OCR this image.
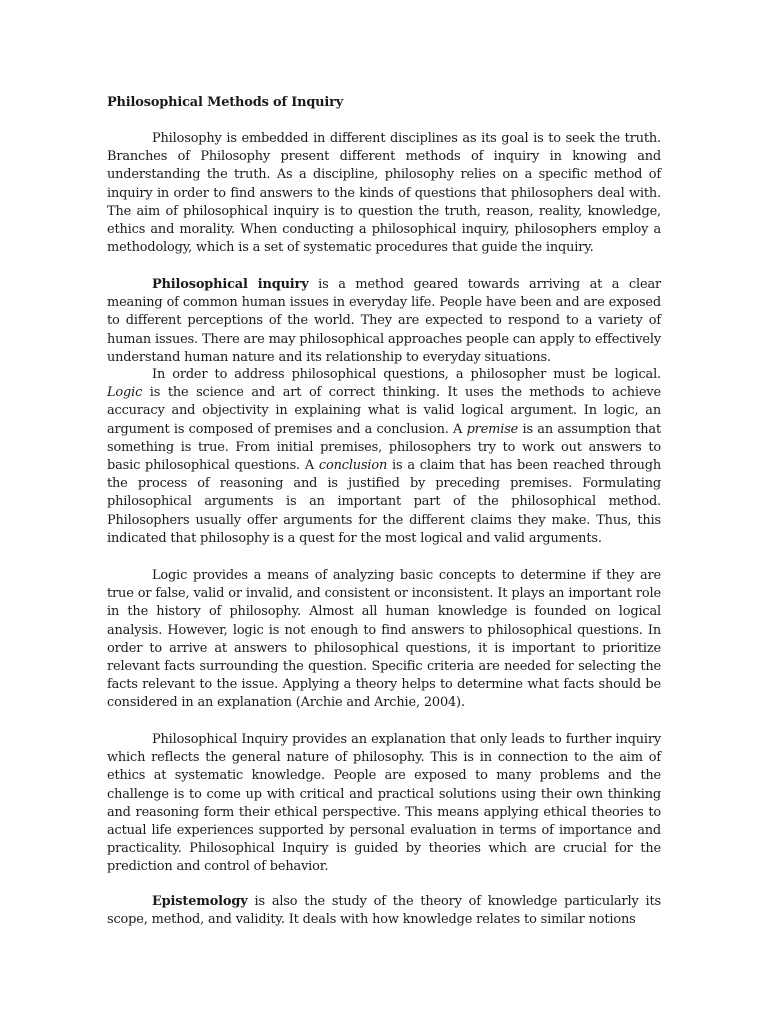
Philosophical Methods of Inquiry

Philosophy is embedded in different disciplines as its goal is to seek the truth. Branches of Philosophy present different methods of inquiry in knowing and understanding the truth. As a discipline, philosophy relies on a specific method of inquiry in order to find answers to the kinds of questions that philosophers deal with. The aim of philosophical inquiry is to question the truth, reason, reality, knowledge, ethics and morality. When conducting a philosophical inquiry, philosophers employ a methodology, which is a set of systematic procedures that guide the inquiry.

Philosophical inquiry is a method geared towards arriving at a clear meaning of common human issues in everyday life. People have been and are exposed to different perceptions of the world. They are expected to respond to a variety of human issues. There are may philosophical approaches people can apply to effectively understand human nature and its relationship to everyday situations.

In order to address philosophical questions, a philosopher must be logical. Logic is the science and art of correct thinking. It uses the methods to achieve accuracy and objectivity in explaining what is valid logical argument. In logic, an argument is composed of premises and a conclusion. A premise is an assumption that something is true. From initial premises, philosophers try to work out answers to basic philosophical questions. A conclusion is a claim that has been reached through the process of reasoning and is justified by preceding premises. Formulating philosophical arguments is an important part of the philosophical method. Philosophers usually offer arguments for the different claims they make. Thus, this indicated that philosophy is a quest for the most logical and valid arguments.

Logic provides a means of analyzing basic concepts to determine if they are true or false, valid or invalid, and consistent or inconsistent. It plays an important role in the history of philosophy. Almost all human knowledge is founded on logical analysis. However, logic is not enough to find answers to philosophical questions. In order to arrive at answers to philosophical questions, it is important to prioritize relevant facts surrounding the question. Specific criteria are needed for selecting the facts relevant to the issue. Applying a theory helps to determine what facts should be considered in an explanation (Archie and Archie, 2004).

Philosophical Inquiry provides an explanation that only leads to further inquiry which reflects the general nature of philosophy. This is in connection to the aim of ethics at systematic knowledge. People are exposed to many problems and the challenge is to come up with critical and practical solutions using their own thinking and reasoning form their ethical perspective. This means applying ethical theories to actual life experiences supported by personal evaluation in terms of importance and practicality. Philosophical Inquiry is guided by theories which are crucial for the prediction and control of behavior.

Epistemology is also the study of the theory of knowledge particularly its scope, method, and validity. It deals with how knowledge relates to similar notions
